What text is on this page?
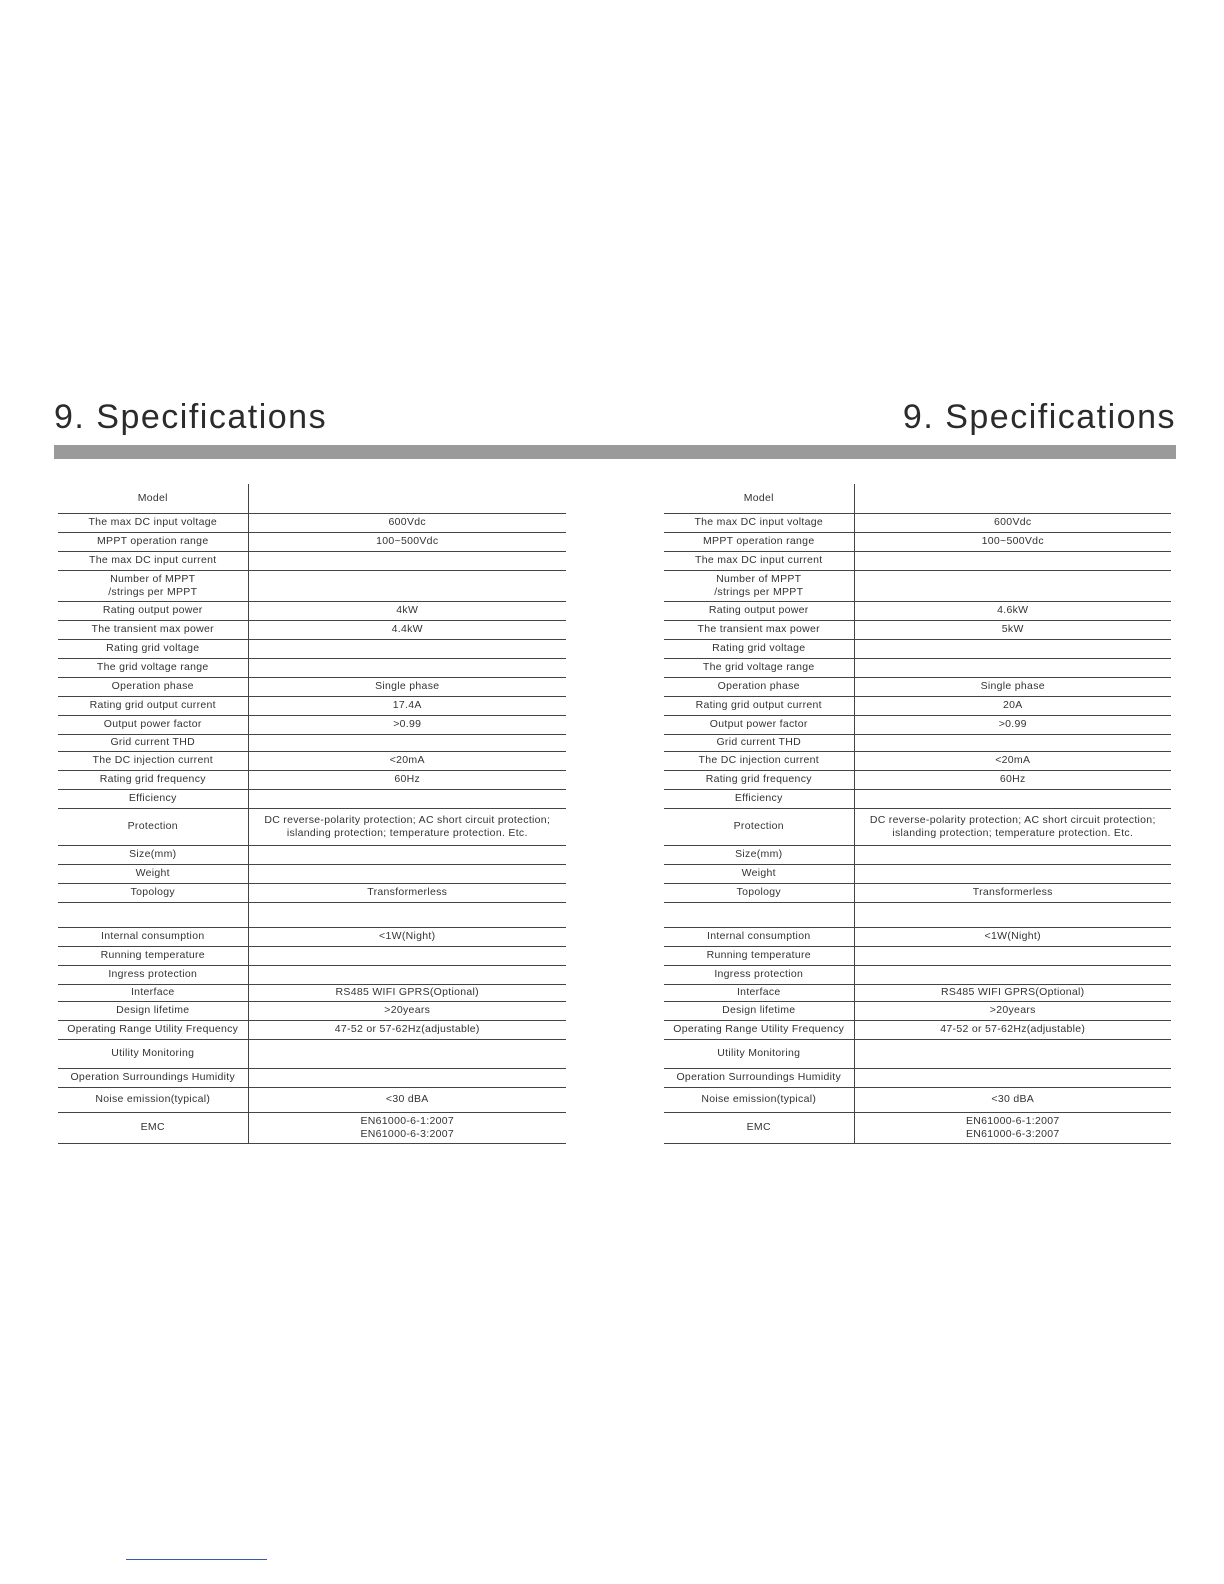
9. Specifications	9. Specifications
Model	
The max DC input voltage	600Vdc
MPPT operation range	100~500Vdc
The max DC input current	
Number of MPPT
/strings per MPPT	
Rating output power	4kW
The transient max power	4.4kW
Rating grid voltage	
The grid voltage range	
Operation phase	Single phase
Rating grid output current	17.4A
Output power factor	>0.99
Grid current THD	
The DC injection current	<20mA
Rating grid frequency	60Hz
Efficiency	
Protection	DC reverse-polarity protection; AC short circuit protection;
islanding protection; temperature protection. Etc.
Size(mm)	
Weight	
Topology	Transformerless

Internal consumption	<1W(Night)
Running temperature	
Ingress protection	
Interface	RS485 WIFI GPRS(Optional)
Design lifetime	>20years
Operating Range Utility Frequency	47-52 or 57-62Hz(adjustable)
Utility Monitoring	
Operation Surroundings Humidity	
Noise emission(typical)	<30 dBA
EMC	EN61000-6-1:2007
EN61000-6-3:2007
Model	
The max DC input voltage	600Vdc
MPPT operation range	100~500Vdc
The max DC input current	
Number of MPPT
/strings per MPPT	
Rating output power	4.6kW
The transient max power	5kW
Rating grid voltage	
The grid voltage range	
Operation phase	Single phase
Rating grid output current	20A
Output power factor	>0.99
Grid current THD	
The DC injection current	<20mA
Rating grid frequency	60Hz
Efficiency	
Protection	DC reverse-polarity protection; AC short circuit protection;
islanding protection; temperature protection. Etc.
Size(mm)	
Weight	
Topology	Transformerless

Internal consumption	<1W(Night)
Running temperature	
Ingress protection	
Interface	RS485 WIFI GPRS(Optional)
Design lifetime	>20years
Operating Range Utility Frequency	47-52 or 57-62Hz(adjustable)
Utility Monitoring	
Operation Surroundings Humidity	
Noise emission(typical)	<30 dBA
EMC	EN61000-6-1:2007
EN61000-6-3:2007
